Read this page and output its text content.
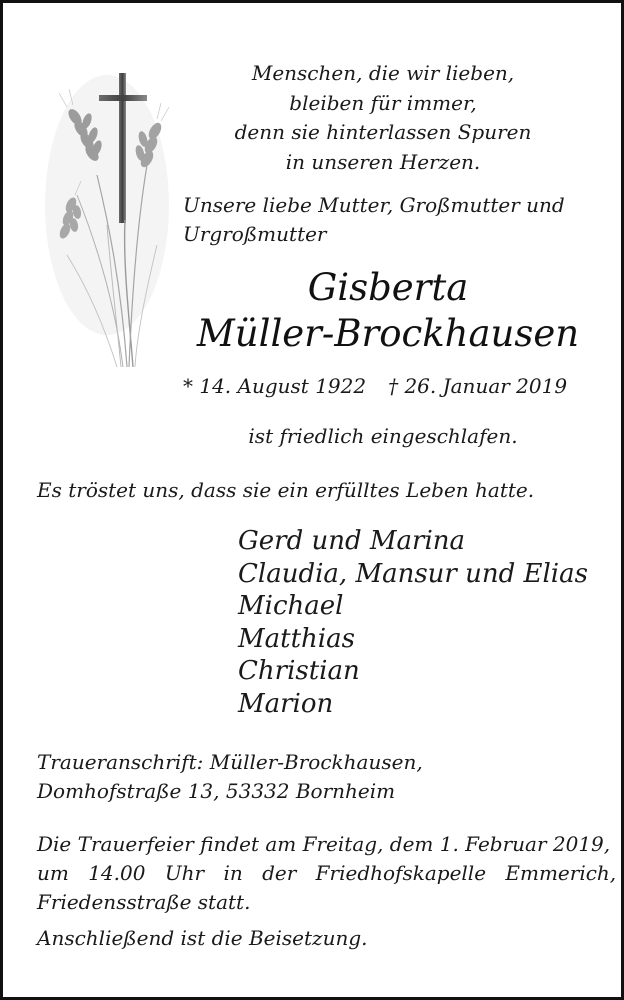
Menschen, die wir lieben,
bleiben für immer,
denn sie hinterlassen Spuren
in unseren Herzen.

Unsere liebe Mutter, Großmutter und Urgroßmutter

Gisberta
Müller-Brockhausen
* 14. August 1922 † 26. Januar 2019

ist friedlich eingeschlafen.

Es tröstet uns, dass sie ein erfülltes Leben hatte.

Gerd und Marina
Claudia, Mansur und Elias
Michael
Matthias
Christian
Marion
Traueranschrift: Müller-Brockhausen,
Domhofstraße 13, 53332 Bornheim
Die Trauerfeier findet am Freitag, dem 1. Februar 2019,
um 14.00 Uhr in der Friedhofskapelle Emmerich,
Friedensstraße statt.

Anschließend ist die Beisetzung.
